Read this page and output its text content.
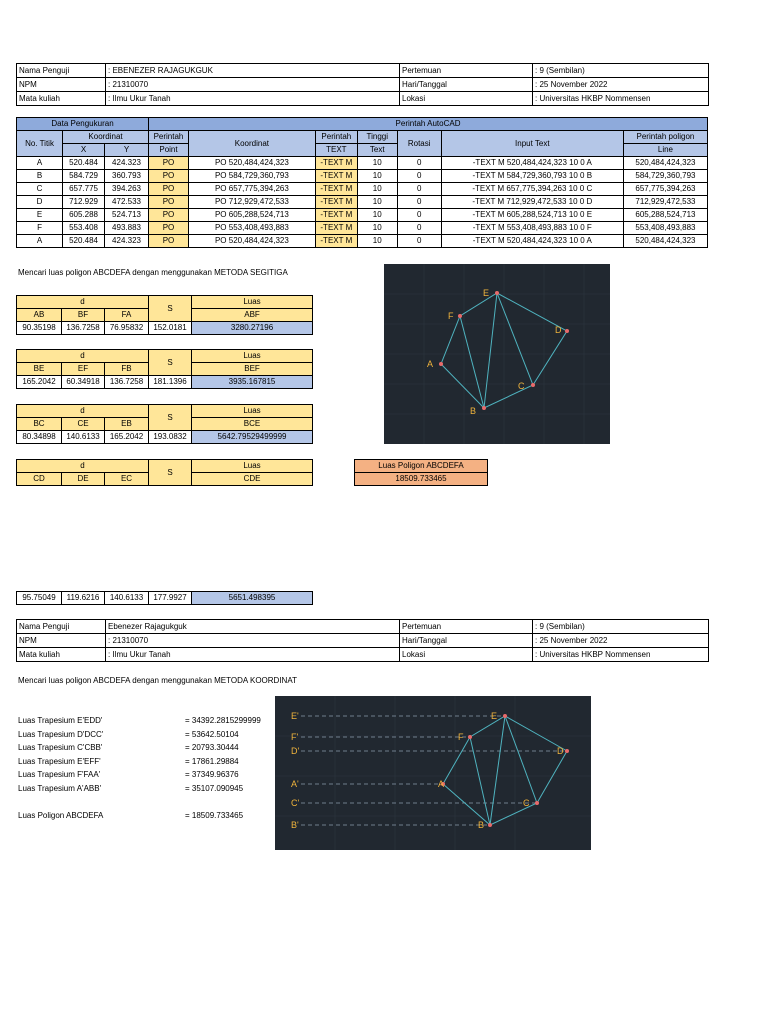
Nama Penguji	: EBENEZER RAJAGUKGUK	Pertemuan	: 9 (Sembilan)
NPM	: 21310070	Hari/Tanggal	: 25 November 2022
Mata kuliah	: Ilmu Ukur Tanah	Lokasi	: Universitas HKBP Nommensen
Data Pengukuran			Perintah AutoCAD						
No. Titik	Koordinat		Perintah	Koordinat	Perintah	Tinggi	Rotasi	Input Text	Perintah poligon
	X	Y	Point		TEXT	Text			Line
A	520.484	424.323	PO	PO 520,484,424,323	-TEXT M	10	0	-TEXT M 520,484,424,323 10 0 A	520,484,424,323
B	584.729	360.793	PO	PO 584,729,360,793	-TEXT M	10	0	-TEXT M 584,729,360,793 10 0 B	584,729,360,793
C	657.775	394.263	PO	PO 657,775,394,263	-TEXT M	10	0	-TEXT M 657,775,394,263 10 0 C	657,775,394,263
D	712.929	472.533	PO	PO 712,929,472,533	-TEXT M	10	0	-TEXT M 712,929,472,533 10 0 D	712,929,472,533
E	605.288	524.713	PO	PO 605,288,524,713	-TEXT M	10	0	-TEXT M 605,288,524,713 10 0 E	605,288,524,713
F	553.408	493.883	PO	PO 553,408,493,883	-TEXT M	10	0	-TEXT M 553,408,493,883 10 0 F	553,408,493,883
A	520.484	424.323	PO	PO 520,484,424,323	-TEXT M	10	0	-TEXT M 520,484,424,323 10 0 A	520,484,424,323
Mencari luas poligon ABCDEFA dengan menggunakan METODA SEGITIGA
d			S	Luas
AB	BF	FA		ABF
90.35198	136.7258	76.95832	152.0181	3280.27196
d			S	Luas
BE	EF	FB		BEF
165.2042	60.34918	136.7258	181.1396	3935.167815
d			S	Luas
BC	CE	EB		BCE
80.34898	140.6133	165.2042	193.0832	5642.79529499999
d			S	Luas
CD	DE	EC		CDE
Luas Poligon ABCDEFA
18509.733465
95.75049	119.6216	140.6133	177.9927	5651.498395
A
B
C
D
E
F
Nama Penguji	Ebenezer Rajagukguk	Pertemuan	: 9 (Sembilan)
NPM	: 21310070	Hari/Tanggal	: 25 November 2022
Mata kuliah	: Ilmu Ukur Tanah	Lokasi	: Universitas HKBP Nommensen
Mencari luas poligon ABCDEFA dengan menggunakan METODA KOORDINAT
Luas Trapesium E'EDD'	= 34392.2815299999
Luas Trapesium D'DCC'	= 53642.50104
Luas Trapesium C'CBB'	= 20793.30444
Luas Trapesium E'EFF'	= 17861.29884
Luas Trapesium F'FAA'	= 37349.96376
Luas Trapesium A'ABB'	= 35107.090945
Luas Poligon ABCDEFA	= 18509.733465
A
B
C
D
E
F
E'
F'
D'
A'
C'
B'
